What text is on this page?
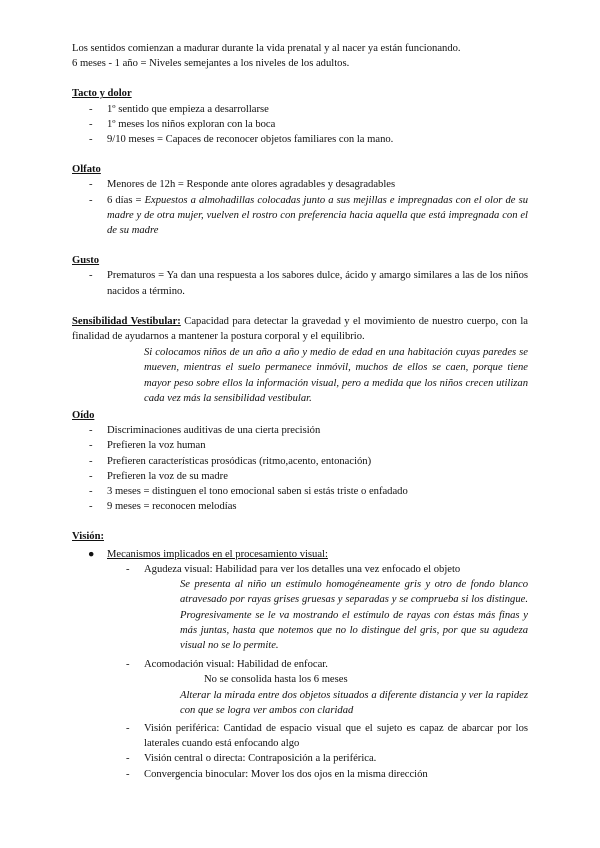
Los sentidos comienzan a madurar durante la vida prenatal y al nacer ya están funcionando.

6 meses - 1 año = Niveles semejantes a los niveles de los adultos.

Tacto y dolor

- 1º sentido que empieza a desarrollarse
- 1º meses los niños exploran con la boca
- 9/10 meses = Capaces de reconocer objetos familiares con la mano.

Olfato

- Menores de 12h = Responde ante olores agradables y desagradables
- 6 días = Expuestos a almohadillas colocadas junto a sus mejillas e impregnadas con el olor de su madre y de otra mujer, vuelven el rostro con preferencia hacia aquella que está impregnada con el de su madre

Gusto

- Prematuros = Ya dan una respuesta a los sabores dulce, ácido y amargo similares a las de los niños nacidos a término.

Sensibilidad Vestibular: Capacidad para detectar la gravedad y el movimiento de nuestro cuerpo, con la finalidad de ayudarnos a mantener la postura corporal y el equilibrio.

Si colocamos niños de un año a año y medio de edad en una habitación cuyas paredes se mueven, mientras el suelo permanece inmóvil, muchos de ellos se caen, porque tiene mayor peso sobre ellos la información visual, pero a medida que los niños crecen utilizan cada vez más la sensibilidad vestibular.

Oído

- Discriminaciones auditivas de una cierta precisión
- Prefieren la voz human
- Prefieren características prosódicas (ritmo,acento, entonación)
- Prefieren la voz de su madre
- 3 meses = distinguen el tono emocional saben si estás triste o enfadado
- 9 meses = reconocen melodías

Visión:

● Mecanismos implicados en el procesamiento visual:
- Agudeza visual: Habilidad para ver los detalles una vez enfocado el objeto

Se presenta al niño un estímulo homogéneamente gris y otro de fondo blanco atravesado por rayas grises gruesas y separadas y se comprueba si los distingue. Progresivamente se le va mostrando el estímulo de rayas con éstas más finas y más juntas, hasta que notemos que no lo distingue del gris, por que su agudeza visual no se lo permite.

- Acomodación visual: Habilidad de enfocar.

No se consolida hasta los 6 meses

Alterar la mirada entre dos objetos situados a diferente distancia y ver la rapidez con que se logra ver ambos con claridad

- Visión periférica: Cantidad de espacio visual que el sujeto es capaz de abarcar por los laterales cuando está enfocando algo
- Visión central o directa: Contraposición a la periférica.
- Convergencia binocular: Mover los dos ojos en la misma dirección
